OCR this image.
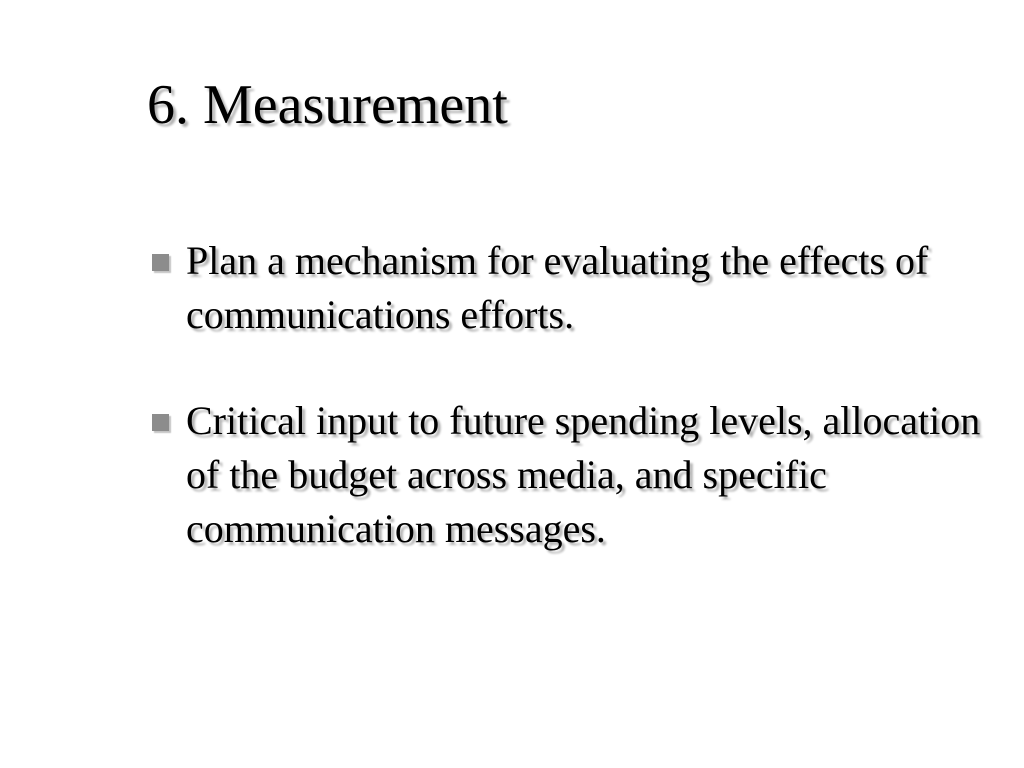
6. Measurement
Plan a mechanism for evaluating the effects of communications efforts.
Critical input to future spending levels, allocation of the budget across media, and specific communication messages.
